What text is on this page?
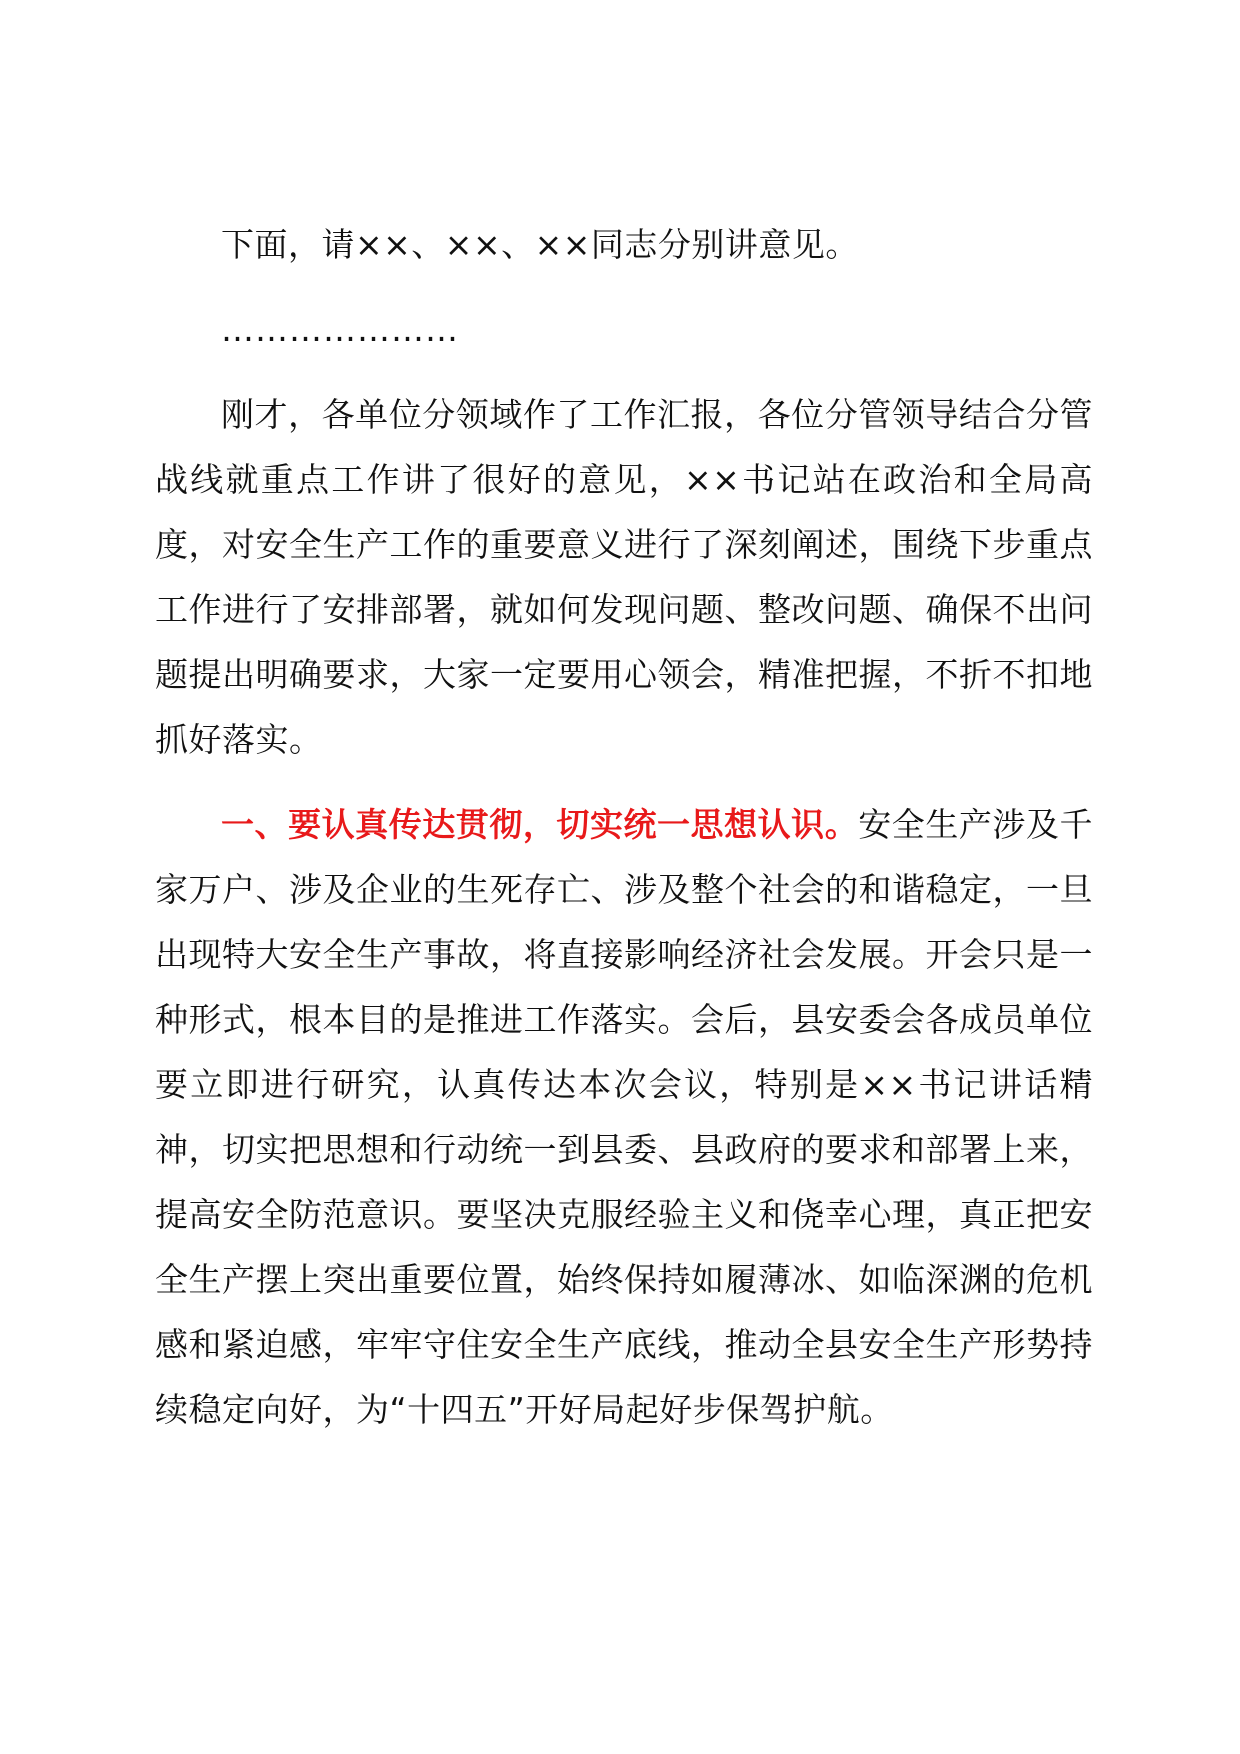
下面，请××、××、××同志分别讲意见。

…………………

刚才，各单位分领域作了工作汇报，各位分管领导结合分管战线就重点工作讲了很好的意见，××书记站在政治和全局高度，对安全生产工作的重要意义进行了深刻阐述，围绕下步重点工作进行了安排部署，就如何发现问题、整改问题、确保不出问题提出明确要求，大家一定要用心领会，精准把握，不折不扣地抓好落实。

一、要认真传达贯彻，切实统一思想认识。安全生产涉及千家万户、涉及企业的生死存亡、涉及整个社会的和谐稳定，一旦出现特大安全生产事故，将直接影响经济社会发展。开会只是一种形式，根本目的是推进工作落实。会后，县安委会各成员单位要立即进行研究，认真传达本次会议，特别是××书记讲话精神，切实把思想和行动统一到县委、县政府的要求和部署上来，提高安全防范意识。要坚决克服经验主义和侥幸心理，真正把安全生产摆上突出重要位置，始终保持如履薄冰、如临深渊的危机感和紧迫感，牢牢守住安全生产底线，推动全县安全生产形势持续稳定向好，为“十四五”开好局起好步保驾护航。
